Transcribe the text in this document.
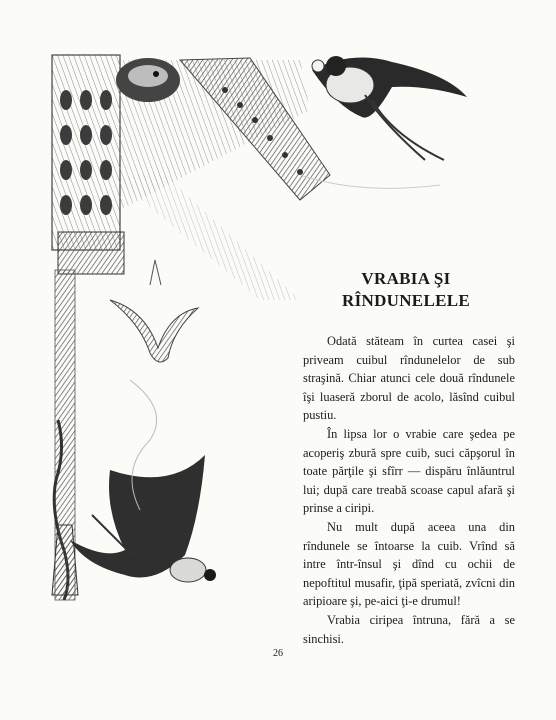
VRABIA ŞI
RÎNDUNELELE

Odată stăteam în curtea casei şi priveam cuibul rîndunelelor de sub straşină. Chiar atunci cele două rîndunele îşi luaseră zborul de acolo, lăsînd cuibul pustiu.

În lipsa lor o vrabie care şedea pe acoperiş zbură spre cuib, suci căpşorul în toate părţile şi sfîrr — dispăru înlăuntrul lui; după care treabă scoase capul afară şi prinse a ciripi.

Nu mult după aceea una din rîndunele se întoarse la cuib. Vrînd să intre într-însul şi dînd cu ochii de nepoftitul musafir, ţipă speriată, zvîcni din aripioare şi, pe-aici ţi-e drumul!

Vrabia ciripea întruna, fără a se sinchisi.

26
